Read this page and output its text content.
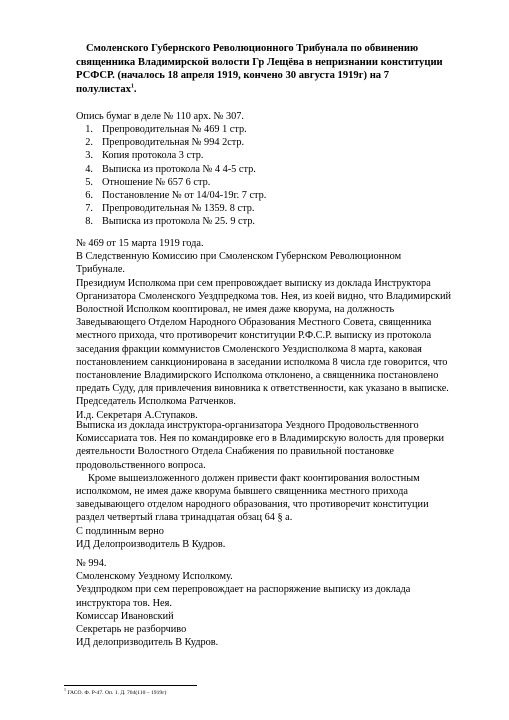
Смоленского Губернского Революционного Трибунала по обвинению священника Владимирской волости Гр Лещёва в непризнании конституции РСФСР. (началось 18 апреля 1919, кончено 30 августа 1919г) на 7 полулистах$^1$.

Опись бумаг в деле № 110 арх. № 307.

1. Препроводительная № 469 1 стр.
2. Препроводительная № 994 2стр.
3. Копия протокола 3 стр.
4. Выписка из протокола № 4 4-5 стр.
5. Отношение № 657 6 стр.
6. Постановление № от 14/04-19г. 7 стр.
7. Препроводительная № 1359. 8 стр.
8. Выписка из протокола № 25. 9 стр.

№ 469 от 15 марта 1919 года.

В Следственную Комиссию при Смоленском Губернском Революционном Трибунале.

Президиум Исполкома при сем препровождает выписку из доклада Инструктора Организатора Смоленского Уездпредкома тов. Нея, из коей видно, что Владимирский Волостной Исполком кооптировал, не имея даже кворума, на должность Заведывающего Отделом Народного Образования Местного Совета, священника местного прихода, что противоречит конституции Р.Ф.С.Р. выписку из протокола заседания фракции коммунистов Смоленского Уездисполкома 8 марта, каковая постановлением санкционирована в заседании исполкома 8 числа где говорится, что постановление Владимирского Исполкома отклонено, а священника постановлено предать Суду, для привлечения виновника к ответственности, как указано в выписке.

Председатель Исполкома Ратченков.

И.д. Секретаря А.Ступаков.

Выписка из доклада инструктора-организатора Уездного Продовольственного Комиссариата тов. Нея по командировке его в Владимирскую волость для проверки деятельности Волостного Отдела Снабжения по правильной постановке продовольственного вопроса.

Кроме вышеизложенного должен привести факт коонтирования волостным исполкомом, не имея даже кворума бывшего священника местного прихода заведывающего отделом народного образования, что противоречит конституции раздел четвертый глава тринадцатая обзац 64 § а.

С подлинным верно

ИД Делопроизводитель В Кудров.

№ 994.

Смоленскому Уездному Исполкому.

Уездпродком при сем перепровождает на распоряжение выписку из доклада инструктора тов. Нея.

Комиссар Ивановский

Секретарь не разборчиво

ИД делопризводитель В Кудров.

$^1$ ГАСО. Ф. Р-47. Оп. 1. Д. 704(110 – 1919г)
